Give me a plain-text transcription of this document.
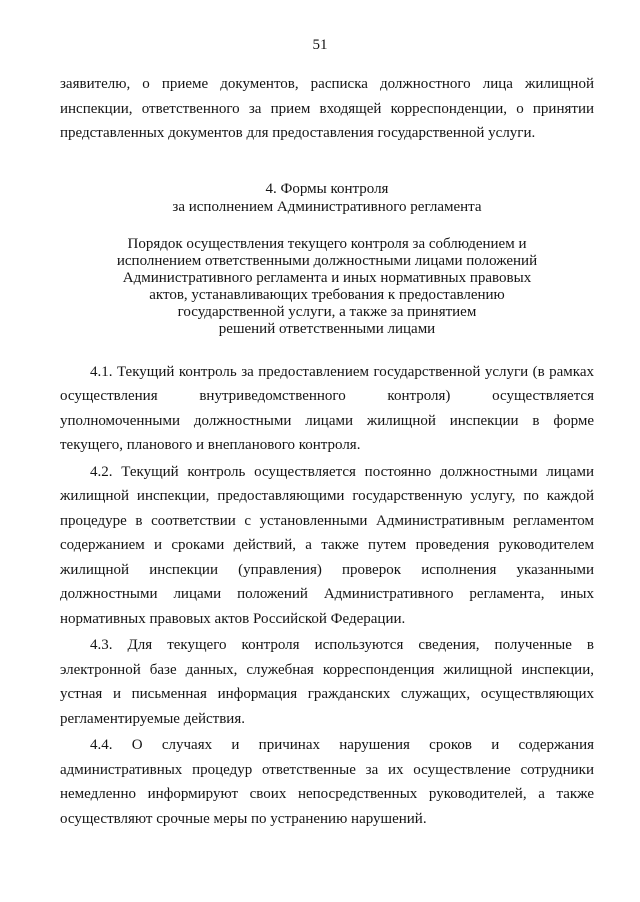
51

заявителю, о приеме документов, расписка должностного лица жилищной инспекции, ответственного за прием входящей корреспонденции, о принятии представленных документов для предоставления государственной услуги.

4. Формы контроля
за исполнением Административного регламента
Порядок осуществления текущего контроля за соблюдением и
исполнением ответственными должностными лицами положений
Административного регламента и иных нормативных правовых
актов, устанавливающих требования к предоставлению
государственной услуги, а также за принятием
решений ответственными лицами

4.1. Текущий контроль за предоставлением государственной услуги (в рамках осуществления внутриведомственного контроля) осуществляется уполномоченными должностными лицами жилищной инспекции в форме текущего, планового и внепланового контроля.

4.2. Текущий контроль осуществляется постоянно должностными лицами жилищной инспекции, предоставляющими государственную услугу, по каждой процедуре в соответствии с установленными Административным регламентом содержанием и сроками действий, а также путем проведения руководителем жилищной инспекции (управления) проверок исполнения указанными должностными лицами положений Административного регламента, иных нормативных правовых актов Российской Федерации.

4.3. Для текущего контроля используются сведения, полученные в электронной базе данных, служебная корреспонденция жилищной инспекции, устная и письменная информация гражданских служащих, осуществляющих регламентируемые действия.

4.4. О случаях и причинах нарушения сроков и содержания административных процедур ответственные за их осуществление сотрудники немедленно информируют своих непосредственных руководителей, а также осуществляют срочные меры по устранению нарушений.
